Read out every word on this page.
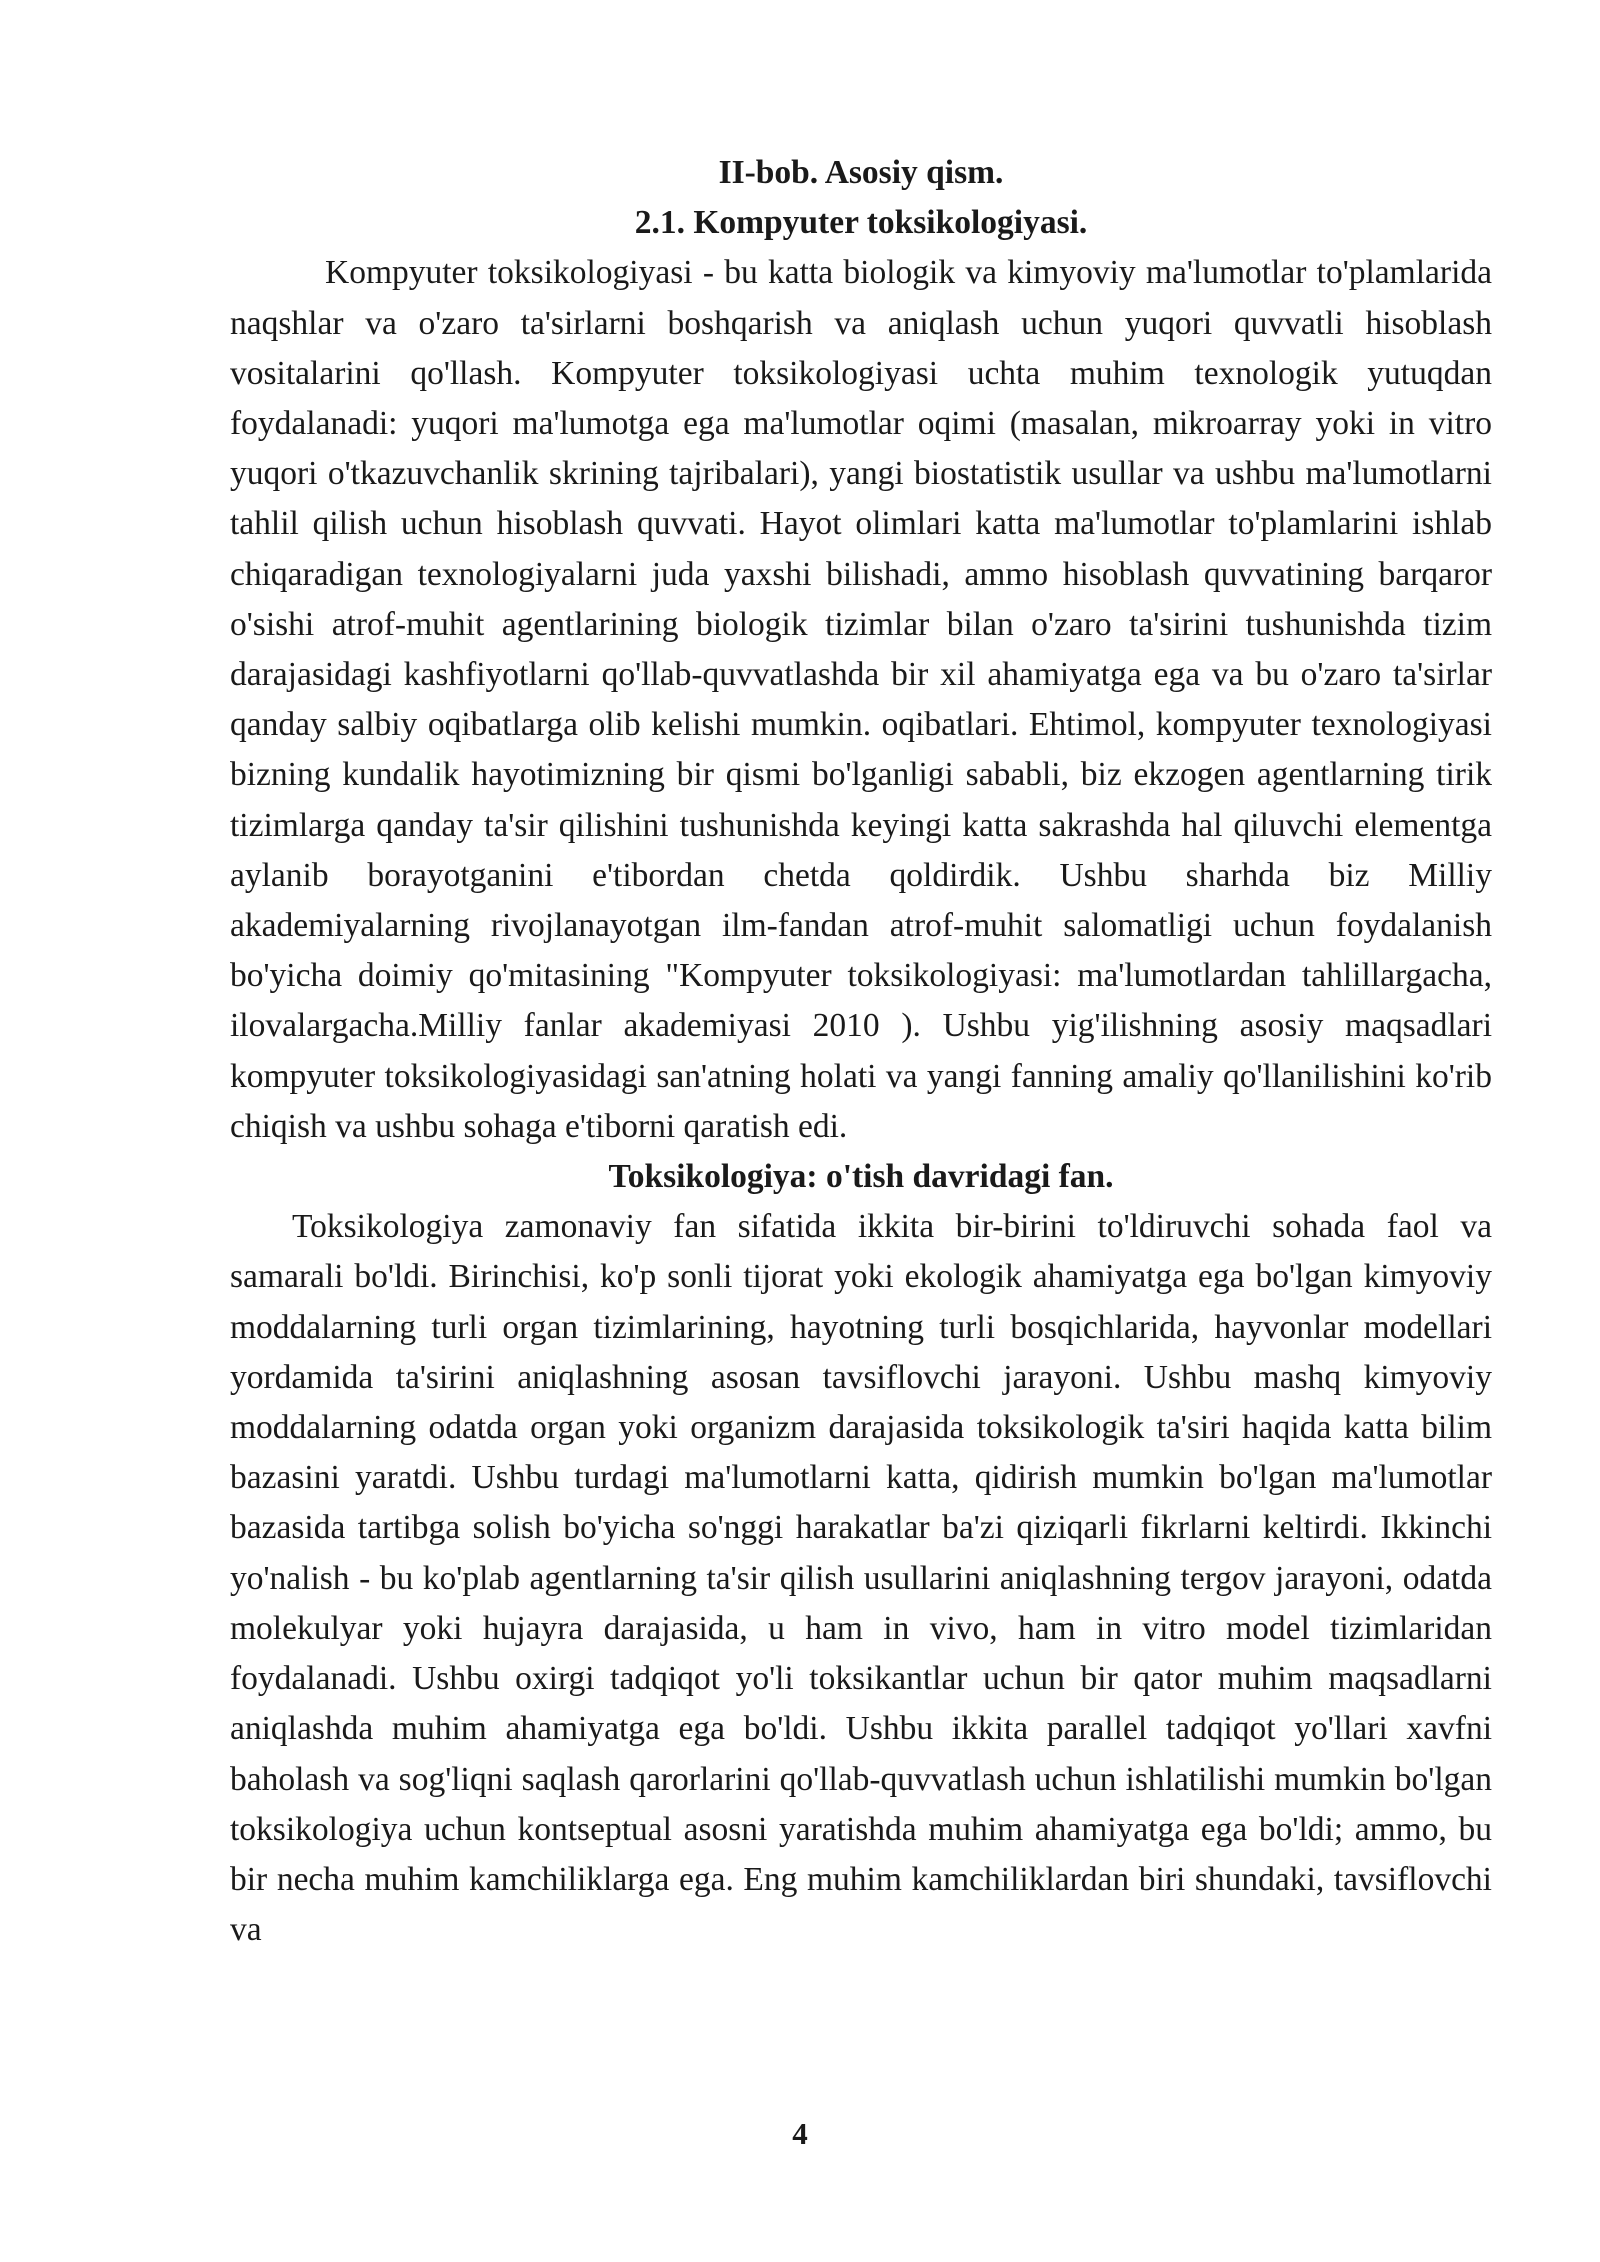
II-bob. Asosiy qism.

2.1. Kompyuter toksikologiyasi.

Kompyuter toksikologiyasi - bu katta biologik va kimyoviy ma'lumotlar to'plamlarida naqshlar va o'zaro ta'sirlarni boshqarish va aniqlash uchun yuqori quvvatli hisoblash vositalarini qo'llash. Kompyuter toksikologiyasi uchta muhim texnologik yutuqdan foydalanadi: yuqori ma'lumotga ega ma'lumotlar oqimi (masalan, mikroarray yoki in vitro yuqori o'tkazuvchanlik skrining tajribalari), yangi biostatistik usullar va ushbu ma'lumotlarni tahlil qilish uchun hisoblash quvvati. Hayot olimlari katta ma'lumotlar to'plamlarini ishlab chiqaradigan texnologiyalarni juda yaxshi bilishadi, ammo hisoblash quvvatining barqaror o'sishi atrof-muhit agentlarining biologik tizimlar bilan o'zaro ta'sirini tushunishda tizim darajasidagi kashfiyotlarni qo'llab-quvvatlashda bir xil ahamiyatga ega va bu o'zaro ta'sirlar qanday salbiy oqibatlarga olib kelishi mumkin. oqibatlari. Ehtimol, kompyuter texnologiyasi bizning kundalik hayotimizning bir qismi bo'lganligi sababli, biz ekzogen agentlarning tirik tizimlarga qanday ta'sir qilishini tushunishda keyingi katta sakrashda hal qiluvchi elementga aylanib borayotganini e'tibordan chetda qoldirdik. Ushbu sharhda biz Milliy akademiyalarning rivojlanayotgan ilm-fandan atrof-muhit salomatligi uchun foydalanish bo'yicha doimiy qo'mitasining "Kompyuter toksikologiyasi: ma'lumotlardan tahlillargacha, ilovalargacha.Milliy fanlar akademiyasi 2010 ). Ushbu yig'ilishning asosiy maqsadlari kompyuter toksikologiyasidagi san'atning holati va yangi fanning amaliy qo'llanilishini ko'rib chiqish va ushbu sohaga e'tiborni qaratish edi.

Toksikologiya: o'tish davridagi fan.

Toksikologiya zamonaviy fan sifatida ikkita bir-birini to'ldiruvchi sohada faol va samarali bo'ldi. Birinchisi, ko'p sonli tijorat yoki ekologik ahamiyatga ega bo'lgan kimyoviy moddalarning turli organ tizimlarining, hayotning turli bosqichlarida, hayvonlar modellari yordamida ta'sirini aniqlashning asosan tavsiflovchi jarayoni. Ushbu mashq kimyoviy moddalarning odatda organ yoki organizm darajasida toksikologik ta'siri haqida katta bilim bazasini yaratdi. Ushbu turdagi ma'lumotlarni katta, qidirish mumkin bo'lgan ma'lumotlar bazasida tartibga solish bo'yicha so'nggi harakatlar ba'zi qiziqarli fikrlarni keltirdi. Ikkinchi yo'nalish - bu ko'plab agentlarning ta'sir qilish usullarini aniqlashning tergov jarayoni, odatda molekulyar yoki hujayra darajasida, u ham in vivo, ham in vitro model tizimlaridan foydalanadi. Ushbu oxirgi tadqiqot yo'li toksikantlar uchun bir qator muhim maqsadlarni aniqlashda muhim ahamiyatga ega bo'ldi. Ushbu ikkita parallel tadqiqot yo'llari xavfni baholash va sog'liqni saqlash qarorlarini qo'llab-quvvatlash uchun ishlatilishi mumkin bo'lgan toksikologiya uchun kontseptual asosni yaratishda muhim ahamiyatga ega bo'ldi; ammo, bu bir necha muhim kamchiliklarga ega. Eng muhim kamchiliklardan biri shundaki, tavsiflovchi va

4
